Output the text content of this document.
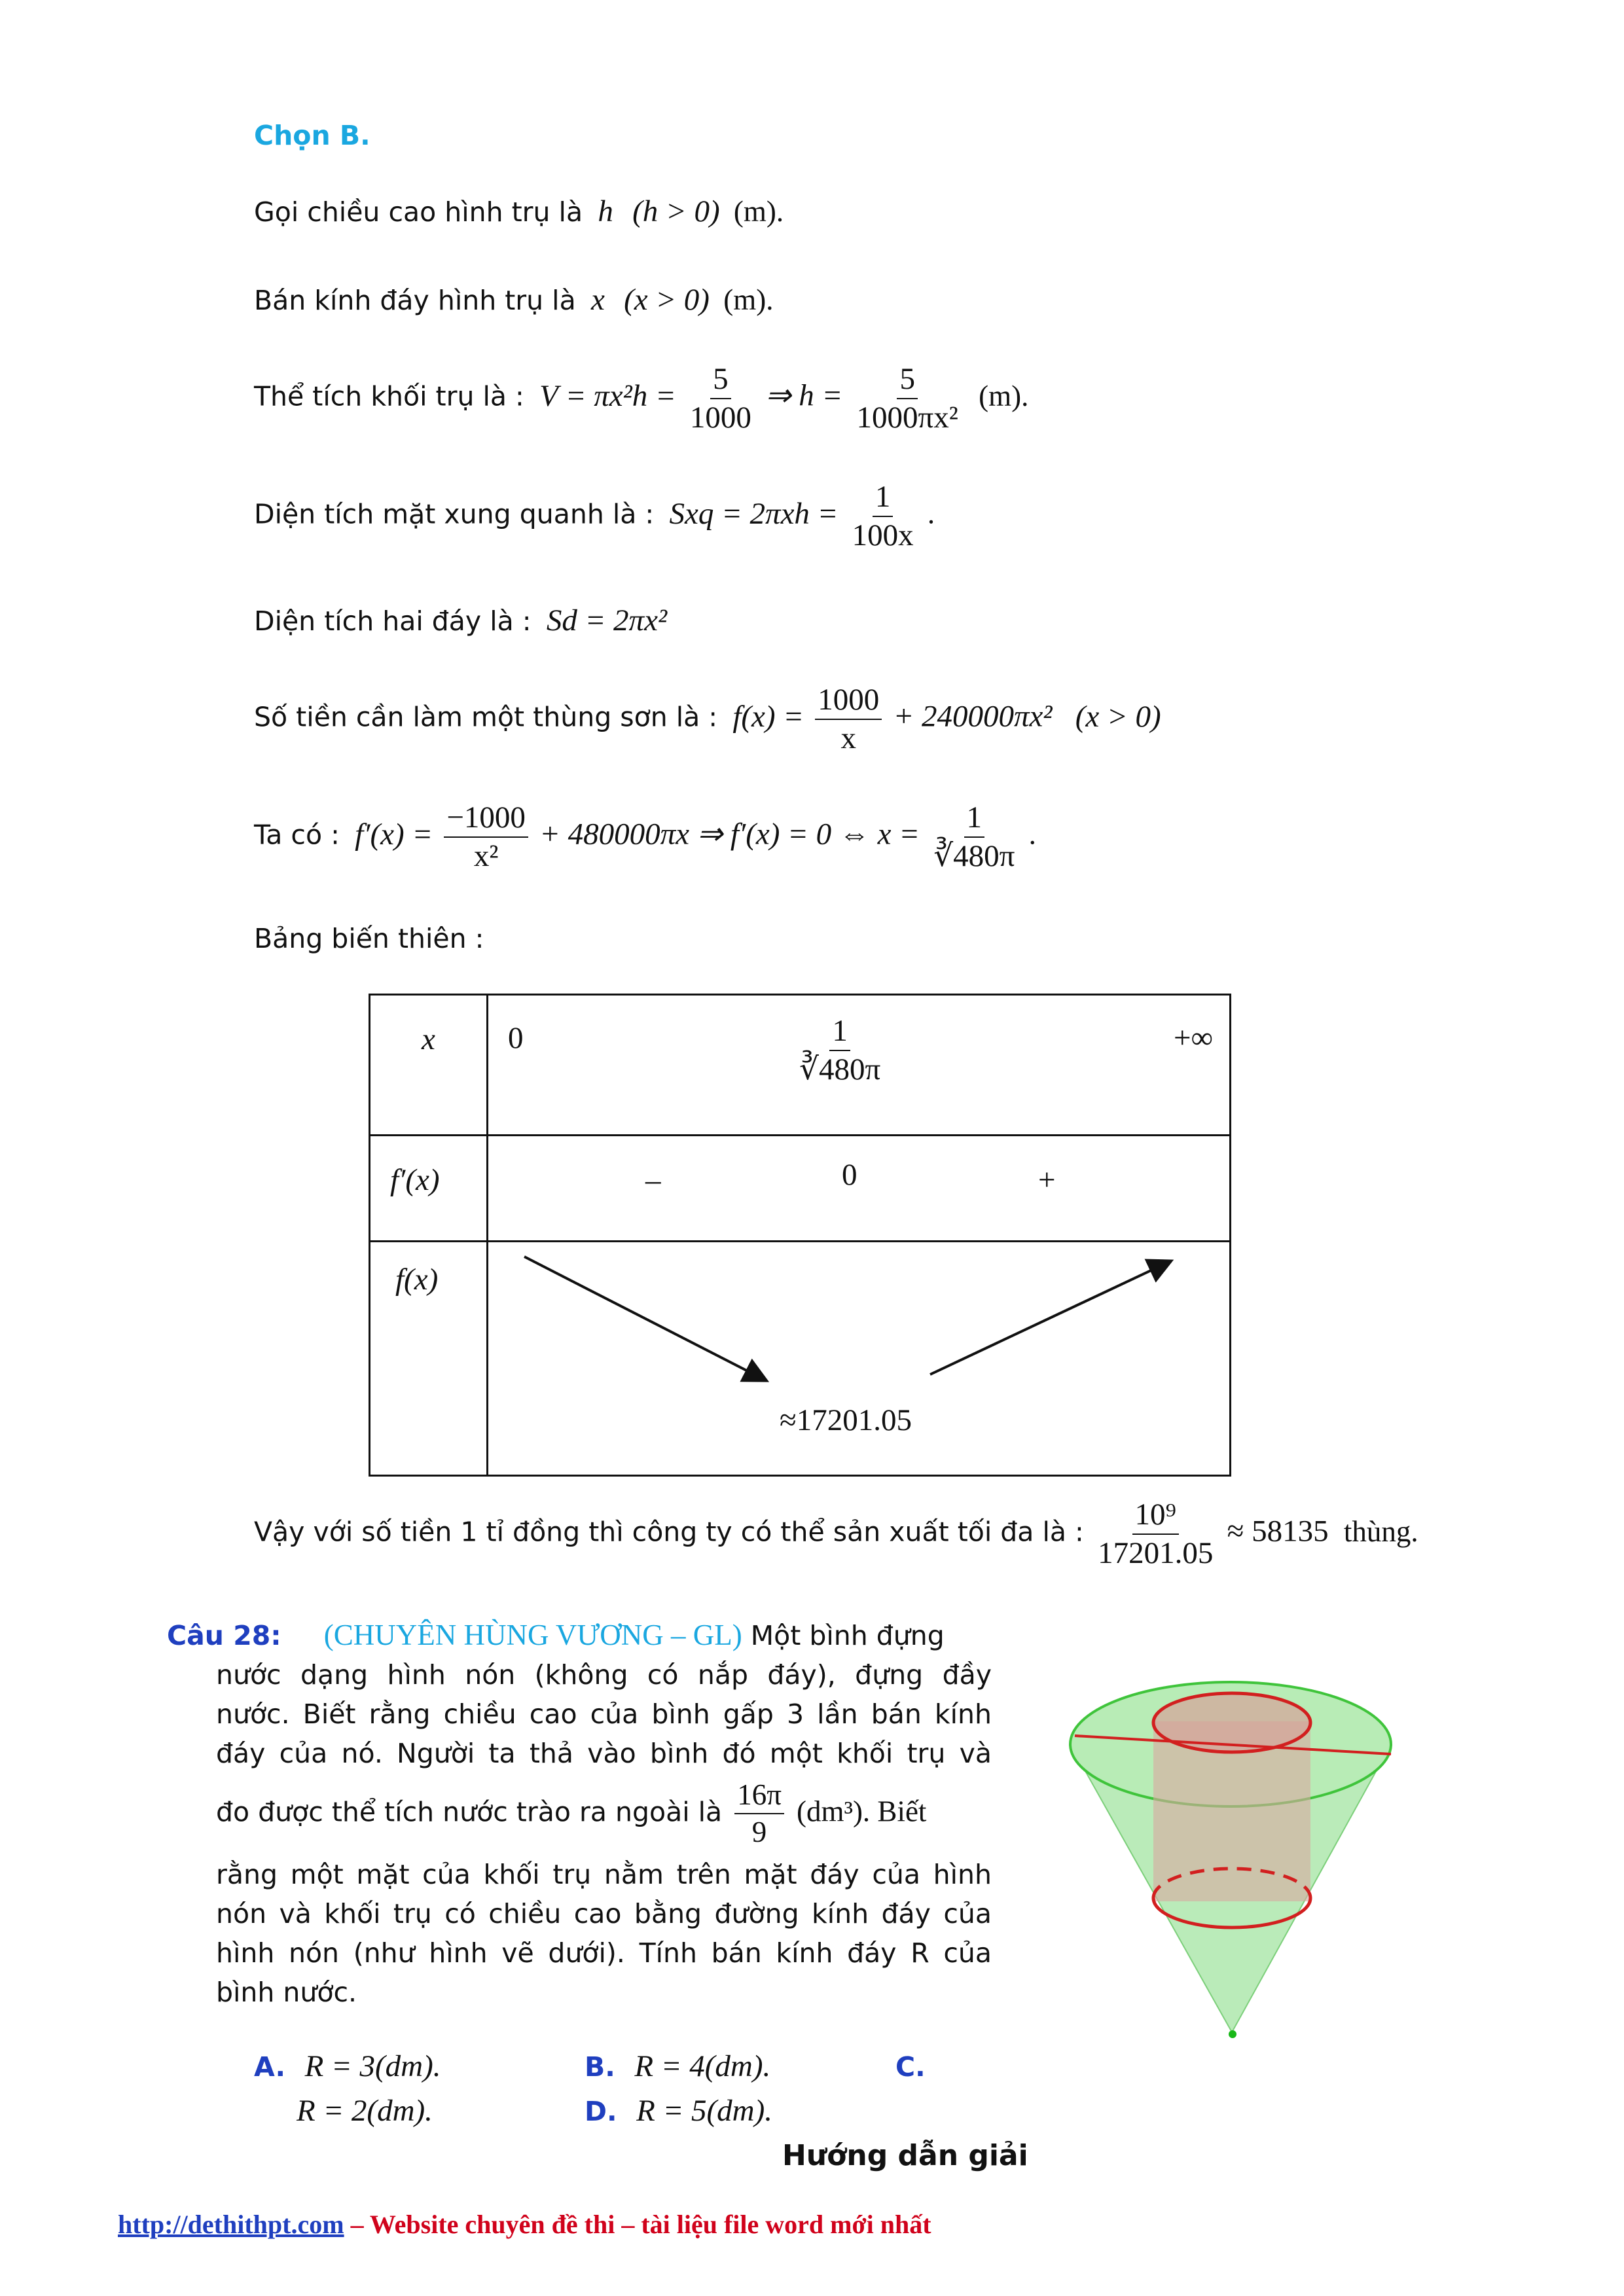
Chọn B.
Gọi chiều cao hình trụ là h (h > 0) (m).
Bán kính đáy hình trụ là x (x > 0) (m).
Thể tích khối trụ là : $V = \pi x^2h = \frac{5}{1000}$ ⇒ $h = \frac{5}{\text{1000πx²}} (m)$.
Diện tích mặt xung quanh là : Sxq = $2\pi xh = \frac{1}{100x}$ .
Diện tích hai đáy là : Sd = 2πx²
Số tiền cần làm một thùng sơn là : $f(x) = \frac{1000}{x} + 240000\pi x^2$ (x > 0)
Ta có : $f'(x) = \frac{-1000}{\text{x²}} + 480000\pi x$ ⇒ f′(x) = 0 ⇔ $x = \frac{1}{∛480\pi}$ .
Bảng biến thiên :
x	$0 \frac{1}{∛480\pi}$ +∞

f′(x)	– 0 +

f(x)	≈17201.05
Vậy với số tiền 1 tỉ đồng thì công ty có thể sản xuất tối đa là : $\frac{\text{10⁹}}{17201.05} \approx 58135$ thùng.
Câu 28: (CHUYÊN HÙNG VƯƠNG – GL) Một bình đựng
nước dạng hình nón (không có nắp đáy), đựng đầy
nước. Biết rằng chiều cao của bình gấp 3 lần bán kính
đáy của nó. Người ta thả vào bình đó một khối trụ và
đo được thể tích nước trào ra ngoài là $\frac{16\pi}{9} (dm^3)$. Biết
rằng một mặt của khối trụ nằm trên mặt đáy của hình
nón và khối trụ có chiều cao bằng đường kính đáy của
hình nón (như hình vẽ dưới). Tính bán kính đáy R của
bình nước.
A. R = 3(dm).	B. R = 4(dm).	C.
R = 2(dm).	D. R = 5(dm).
Hướng dẫn giải
http://dethithpt.com – Website chuyên đề thi – tài liệu file word mới nhất
